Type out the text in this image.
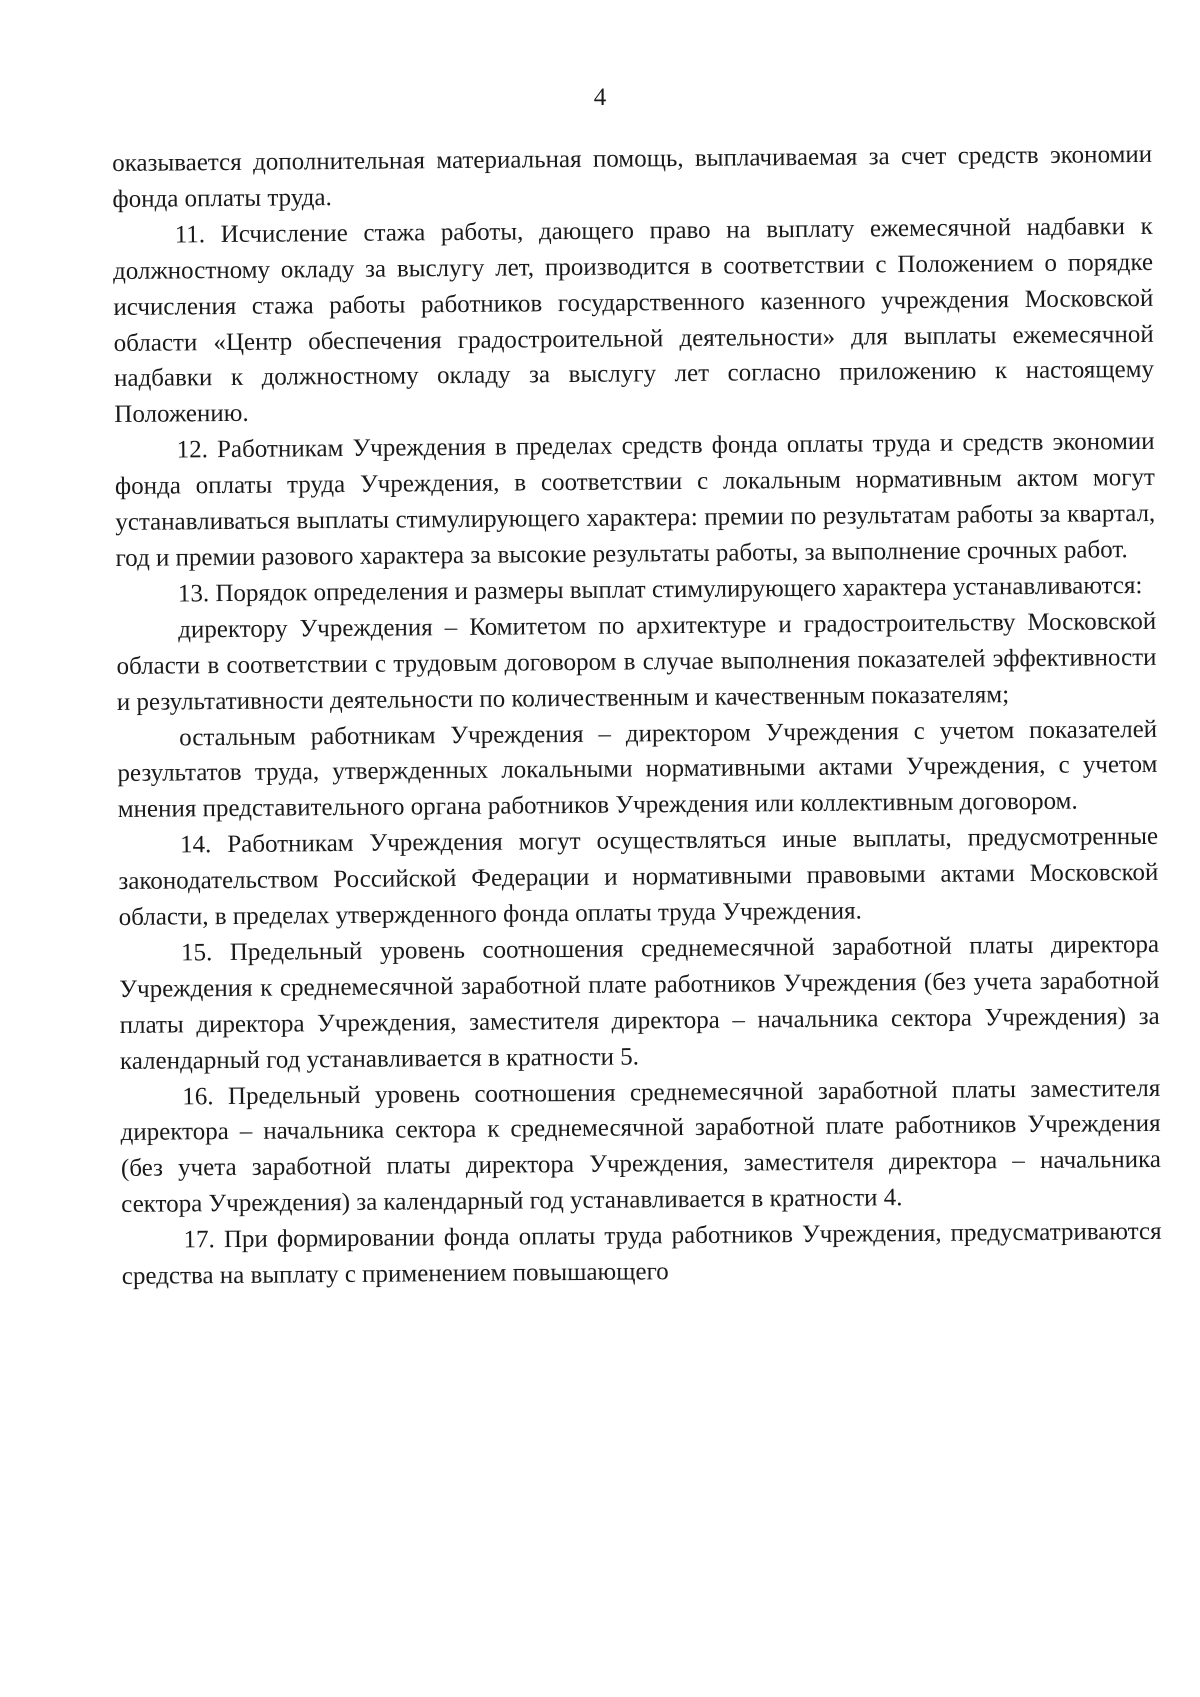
4

оказывается дополнительная материальная помощь, выплачиваемая за счет средств экономии фонда оплаты труда.

11. Исчисление стажа работы, дающего право на выплату ежемесячной надбавки к должностному окладу за выслугу лет, производится в соответствии с Положением о порядке исчисления стажа работы работников государственного казенного учреждения Московской области «Центр обеспечения градостроительной деятельности» для выплаты ежемесячной надбавки к должностному окладу за выслугу лет согласно приложению к настоящему Положению.

12. Работникам Учреждения в пределах средств фонда оплаты труда и средств экономии фонда оплаты труда Учреждения, в соответствии с локальным нормативным актом могут устанавливаться выплаты стимулирующего характера: премии по результатам работы за квартал, год и премии разового характера за высокие результаты работы, за выполнение срочных работ.

13. Порядок определения и размеры выплат стимулирующего характера устанавливаются:

директору Учреждения – Комитетом по архитектуре и градостроительству Московской области в соответствии с трудовым договором в случае выполнения показателей эффективности и результативности деятельности по количественным и качественным показателям;

остальным работникам Учреждения – директором Учреждения с учетом показателей результатов труда, утвержденных локальными нормативными актами Учреждения, с учетом мнения представительного органа работников Учреждения или коллективным договором.

14. Работникам Учреждения могут осуществляться иные выплаты, предусмотренные законодательством Российской Федерации и нормативными правовыми актами Московской области, в пределах утвержденного фонда оплаты труда Учреждения.

15. Предельный уровень соотношения среднемесячной заработной платы директора Учреждения к среднемесячной заработной плате работников Учреждения (без учета заработной платы директора Учреждения, заместителя директора – начальника сектора Учреждения) за календарный год устанавливается в кратности 5.

16. Предельный уровень соотношения среднемесячной заработной платы заместителя директора – начальника сектора к среднемесячной заработной плате работников Учреждения (без учета заработной платы директора Учреждения, заместителя директора – начальника сектора Учреждения) за календарный год устанавливается в кратности 4.

17. При формировании фонда оплаты труда работников Учреждения, предусматриваются средства на выплату с применением повышающего
